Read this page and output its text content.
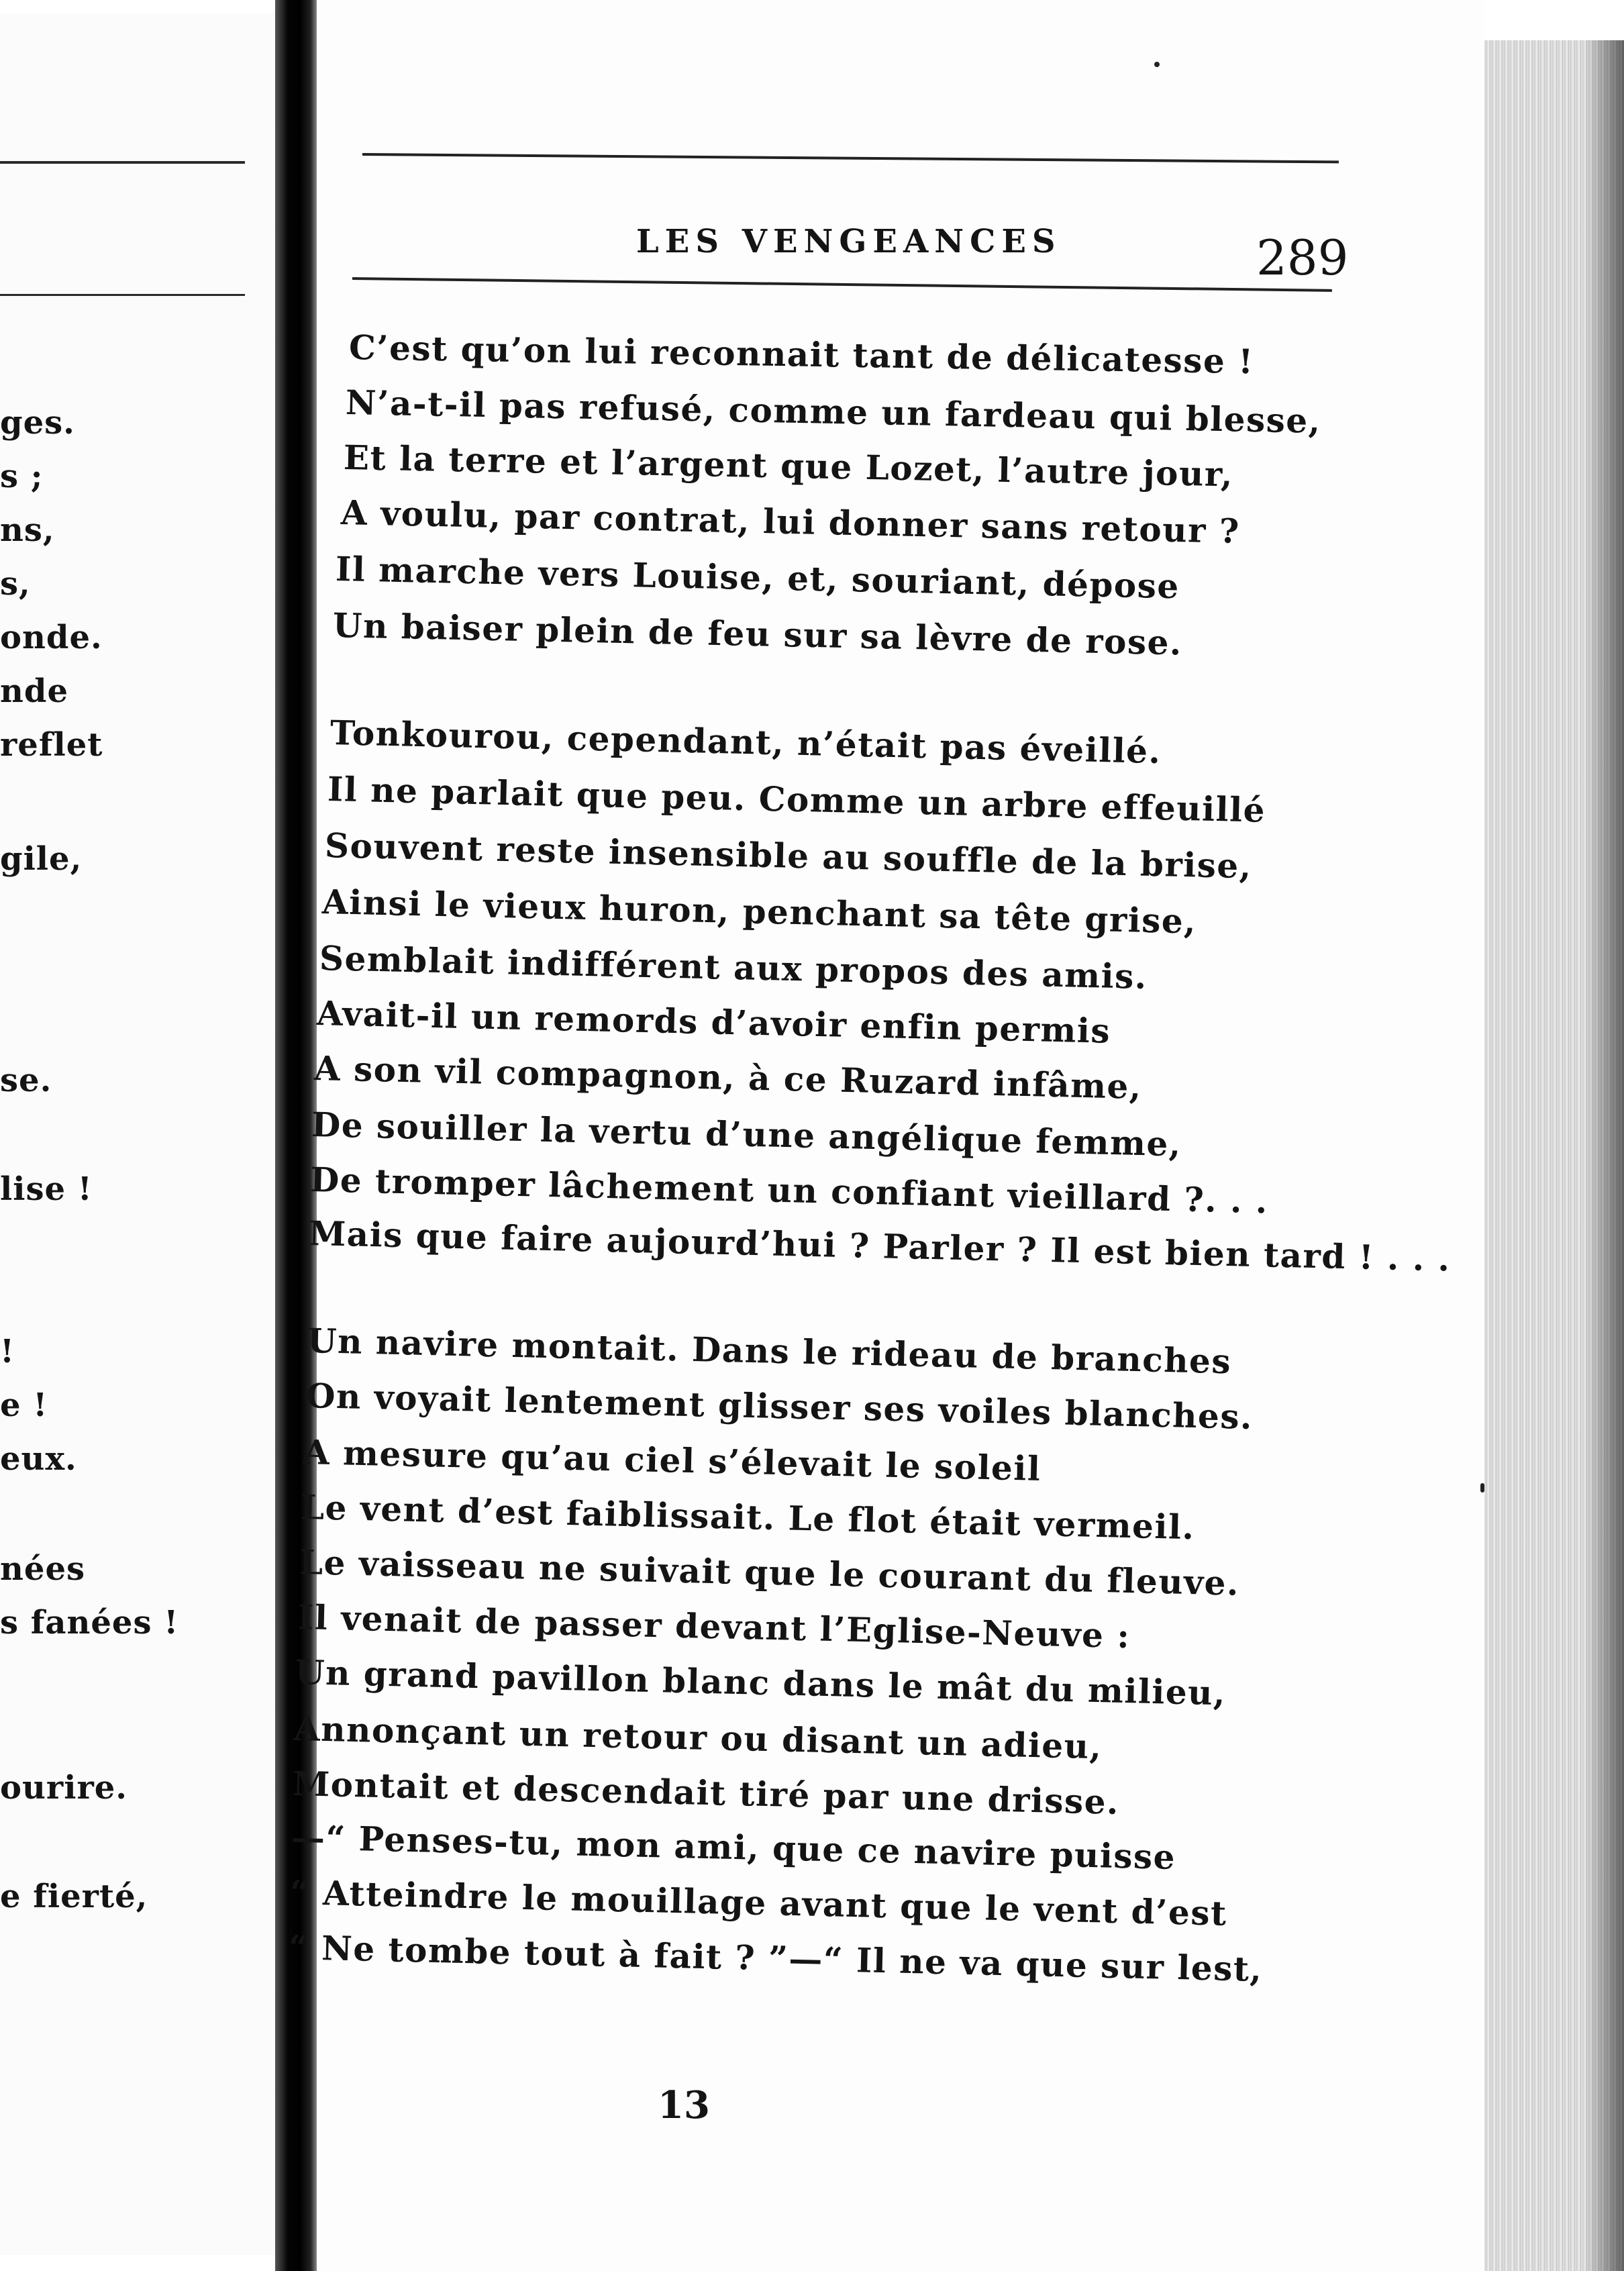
ges.
s ;
ns,
s,
onde.
nde
reflet
gile,
se.
lise !
!
e !
eux.
nées
s fanées !
ourire.
e fierté,
LES VENGEANCES	289
C’est qu’on lui reconnait tant de délicatesse !
N’a-t-il pas refusé, comme un fardeau qui blesse,
Et la terre et l’argent que Lozet, l’autre jour,
A voulu, par contrat, lui donner sans retour ?
Il marche vers Louise, et, souriant, dépose
Un baiser plein de feu sur sa lèvre de rose.
Tonkourou, cependant, n’était pas éveillé.
Il ne parlait que peu. Comme un arbre effeuillé
Souvent reste insensible au souffle de la brise,
Ainsi le vieux huron, penchant sa tête grise,
Semblait indifférent aux propos des amis.
Avait-il un remords d’avoir enfin permis
A son vil compagnon, à ce Ruzard infâme,
De souiller la vertu d’une angélique femme,
De tromper lâchement un confiant vieillard ?. . .
Mais que faire aujourd’hui ? Parler ? Il est bien tard ! . . .
Un navire montait. Dans le rideau de branches
On voyait lentement glisser ses voiles blanches.
A mesure qu’au ciel s’élevait le soleil
Le vent d’est faiblissait. Le flot était vermeil.
Le vaisseau ne suivait que le courant du fleuve.
Il venait de passer devant l’Eglise-Neuve :
Un grand pavillon blanc dans le mât du milieu,
Annonçant un retour ou disant un adieu,
Montait et descendait tiré par une drisse.
—“ Penses-tu, mon ami, que ce navire puisse
“ Atteindre le mouillage avant que le vent d’est
“ Ne tombe tout à fait ? ”—“ Il ne va que sur lest,
13
